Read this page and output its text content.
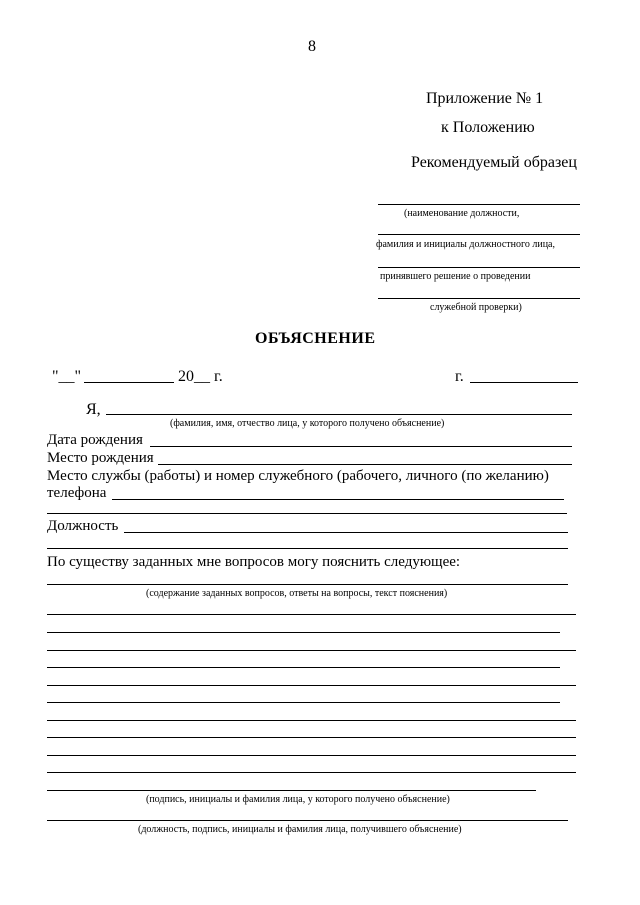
8
Приложение № 1
к Положению
Рекомендуемый образец
(наименование должности,
фамилия и инициалы должностного лица,
принявшего решение о проведении
служебной проверки)
ОБЪЯСНЕНИЕ
"__"	20__ г.	г.
Я,
(фамилия, имя, отчество лица, у которого получено объяснение)
Дата рождения
Место рождения
Место службы (работы) и номер служебного (рабочего, личного (по желанию)
телефона
Должность
По существу заданных мне вопросов могу пояснить следующее:
(содержание заданных вопросов, ответы на вопросы, текст пояснения)
(подпись, инициалы и фамилия лица, у которого получено объяснение)
(должность, подпись, инициалы и фамилия лица, получившего объяснение)
